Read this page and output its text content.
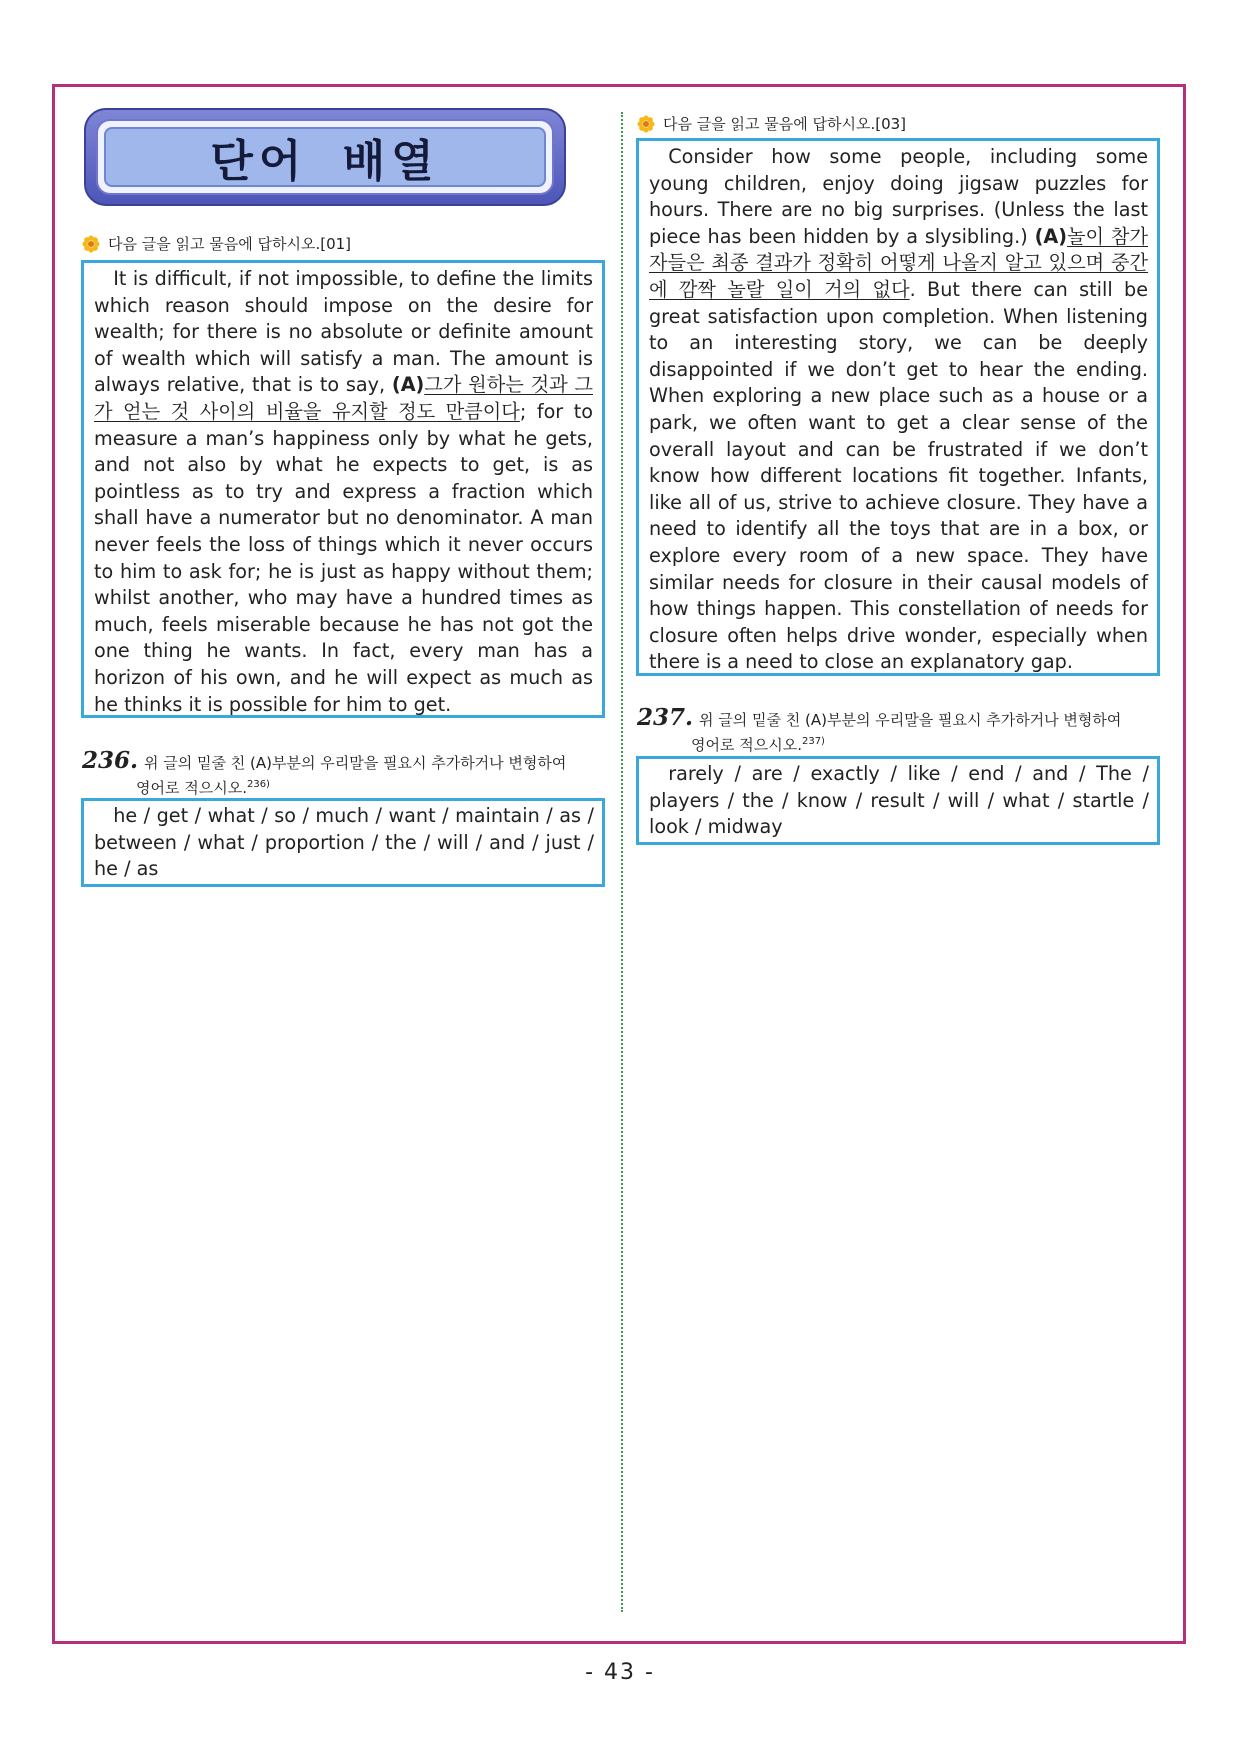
단어 배열
다음 글을 읽고 물음에 답하시오.[01]

It is difficult, if not impossible, to define the limits which reason should impose on the desire for wealth; for there is no absolute or definite amount of wealth which will satisfy a man. The amount is always relative, that is to say, (A)그가 원하는 것과 그가 얻는 것 사이의 비율을 유지할 정도 만큼이다; for to measure a man’s happiness only by what he gets, and not also by what he expects to get, is as pointless as to try and express a fraction which shall have a numerator but no denominator. A man never feels the loss of things which it never occurs to him to ask for; he is just as happy without them; whilst another, who may have a hundred times as much, feels miserable because he has not got the one thing he wants. In fact, every man has a horizon of his own, and he will expect as much as he thinks it is possible for him to get.

236. 위 글의 밑줄 친 (A)부분의 우리말을 필요시 추가하거나 변형하여
영어로 적으시오.$^{236)}$

he / get / what / so / much / want / maintain / as / between / what / proportion / the / will / and / just / he / as

다음 글을 읽고 물음에 답하시오.[03]

Consider how some people, including some young children, enjoy doing jigsaw puzzles for hours. There are no big surprises. (Unless the last piece has been hidden by a slysibling.) (A)놀이 참가자들은 최종 결과가 정확히 어떻게 나올지 알고 있으며 중간에 깜짝 놀랄 일이 거의 없다. But there can still be great satisfaction upon completion. When listening to an interesting story, we can be deeply disappointed if we don’t get to hear the ending. When exploring a new place such as a house or a park, we often want to get a clear sense of the overall layout and can be frustrated if we don’t know how different locations fit together. Infants, like all of us, strive to achieve closure. They have a need to identify all the toys that are in a box, or explore every room of a new space. They have similar needs for closure in their causal models of how things happen. This constellation of needs for closure often helps drive wonder, especially when there is a need to close an explanatory gap.

237. 위 글의 밑줄 친 (A)부분의 우리말을 필요시 추가하거나 변형하여
영어로 적으시오.$^{237)}$

rarely / are / exactly / like / end / and / The / players / the / know / result / will / what / startle / look / midway

- 43 -
